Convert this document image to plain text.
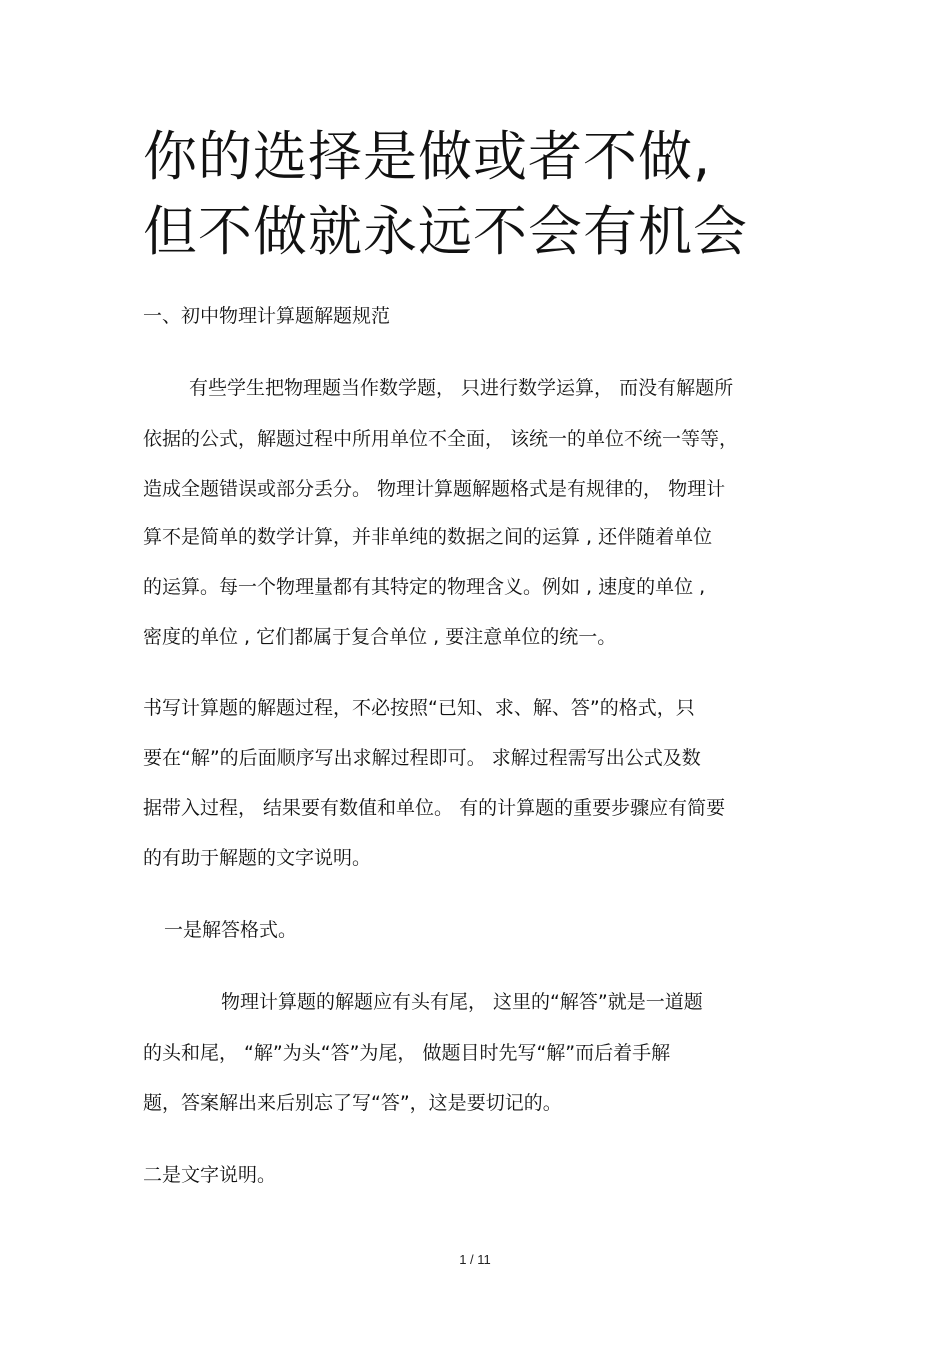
你的选择是做或者不做,
但不做就永远不会有机会
一、初中物理计算题解题规范
有些学生把物理题当作数学题， 只进行数学运算， 而没有解题所
依据的公式，解题过程中所用单位不全面， 该统一的单位不统一等等，
造成全题错误或部分丢分。 物理计算题解题格式是有规律的， 物理计
算不是简单的数学计算，并非单纯的数据之间的运算 , 还伴随着单位
的运算。每一个物理量都有其特定的物理含义。例如 , 速度的单位 ,
密度的单位 , 它们都属于复合单位 , 要注意单位的统一。
书写计算题的解题过程，不必按照“已知、求、解、答”的格式，只
要在“解”的后面顺序写出求解过程即可。 求解过程需写出公式及数
据带入过程， 结果要有数值和单位。 有的计算题的重要步骤应有简要
的有助于解题的文字说明。
一是解答格式。
物理计算题的解题应有头有尾， 这里的“解答”就是一道题
的头和尾， “解”为头“答”为尾， 做题目时先写“解”而后着手解
题，答案解出来后别忘了写“答”，这是要切记的。
二是文字说明。
1 / 11
